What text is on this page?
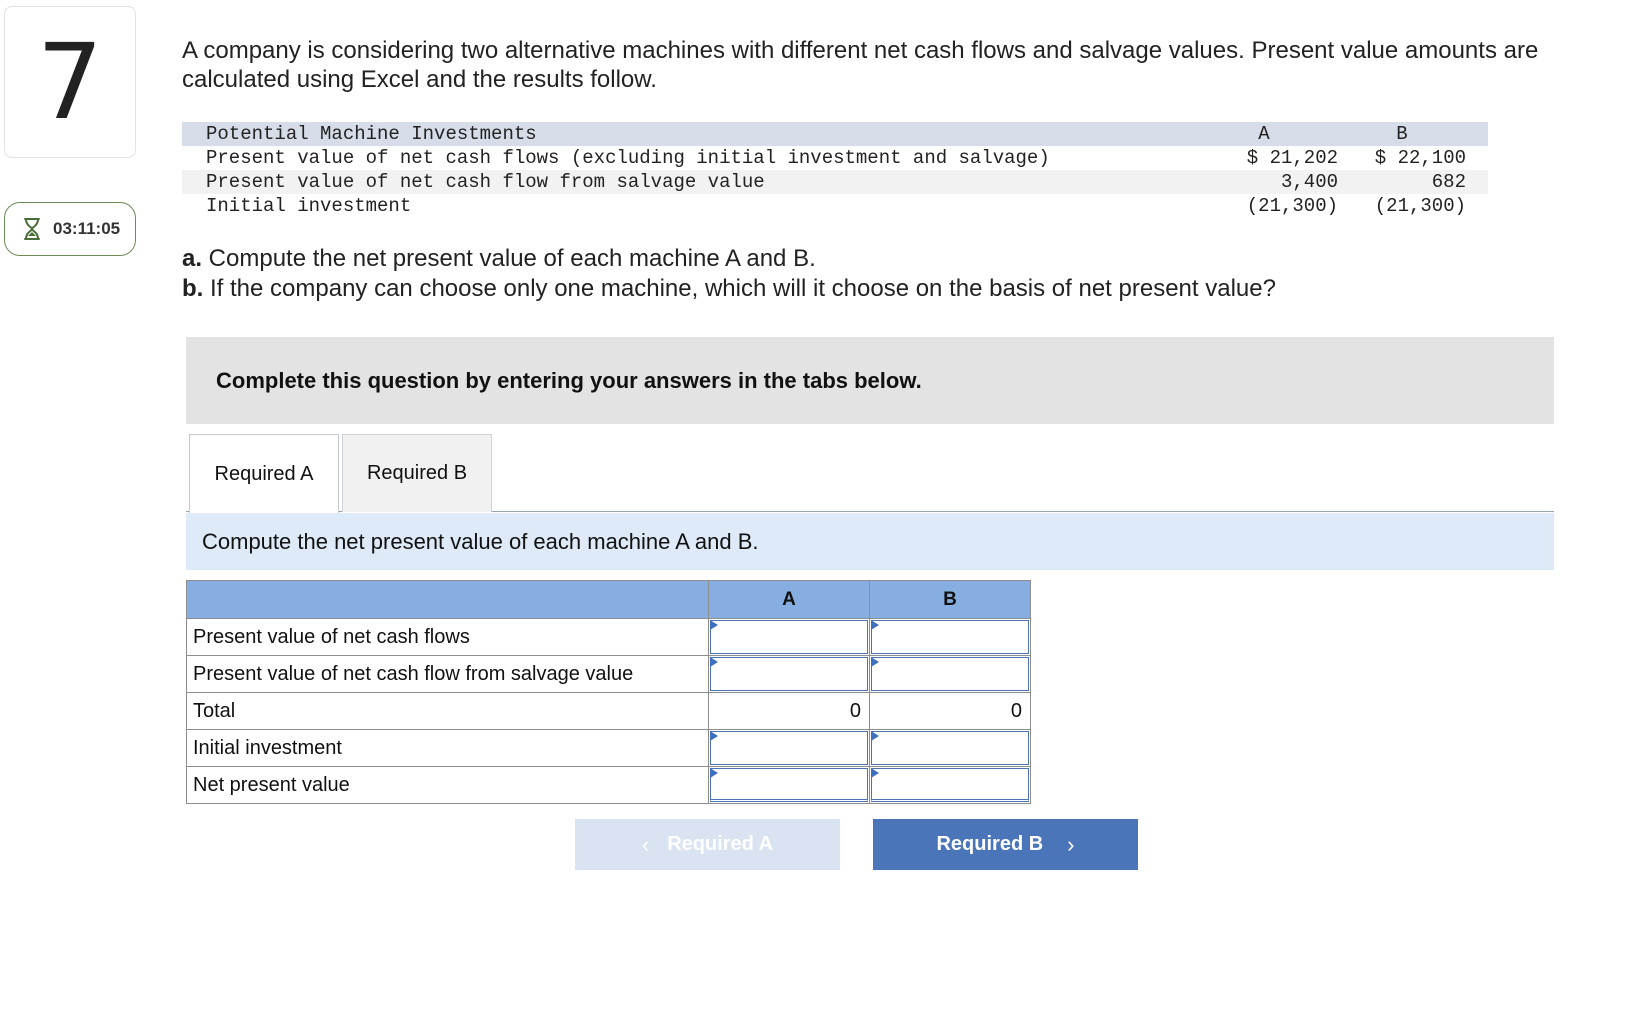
7
03:11:05

A company is considering two alternative machines with different net cash flows and salvage values. Present value amounts are calculated using Excel and the results follow.

Potential Machine Investments	A	B
Present value of net cash flows (excluding initial investment and salvage)	$ 21,202	$ 22,100
Present value of net cash flow from salvage value	3,400	682
Initial investment	(21,300)	(21,300)
a. Compute the net present value of each machine A and B.
b. If the company can choose only one machine, which will it choose on the basis of net present value?
Complete this question by entering your answers in the tabs below.
Required A	Required B
Compute the net present value of each machine A and B.
	A	B
Present value of net cash flows	

Present value of net cash flow from salvage value	

Total	0	0
Initial investment	

Net present value	

‹ Required A	Required B ›
